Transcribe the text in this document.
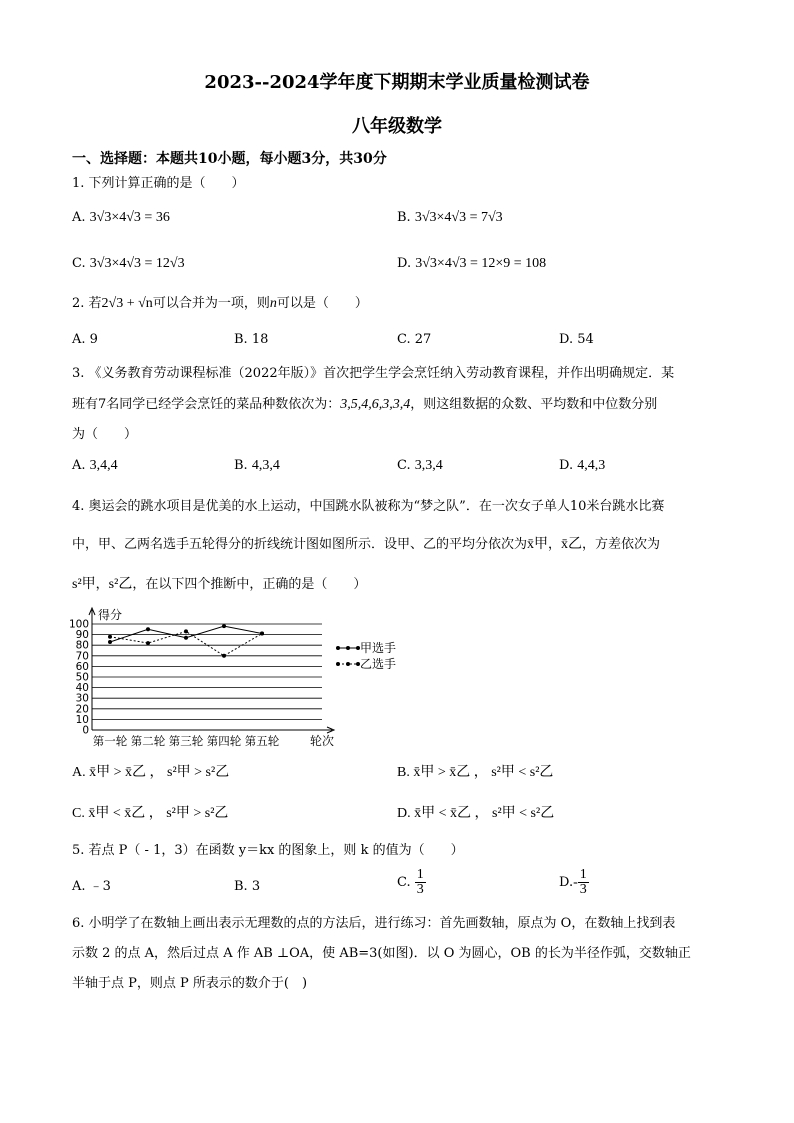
2023--2024学年度下期期末学业质量检测试卷
八年级数学
一、选择题：本题共10小题，每小题3分，共30分
1. 下列计算正确的是（　　）
A. 3√3×4√3 = 36	B. 3√3×4√3 = 7√3
C. 3√3×4√3 = 12√3	D. 3√3×4√3 = 12×9 = 108
2. 若2√3 + √n可以合并为一项，则n可以是（　　）
A. 9	B. 18	C. 27	D. 54
3. 《义务教育劳动课程标准（2022年版）》首次把学生学会烹饪纳入劳动教育课程，并作出明确规定．某
班有7名同学已经学会烹饪的菜品种数依次为：3,5,4,6,3,3,4，则这组数据的众数、平均数和中位数分别
为（　　）
A. 3,4,4	B. 4,3,4	C. 3,3,4	D. 4,4,3
4. 奥运会的跳水项目是优美的水上运动，中国跳水队被称为“梦之队”．在一次女子单人10米台跳水比赛
中，甲、乙两名选手五轮得分的折线统计图如图所示．设甲、乙的平均分依次为x̄甲，x̄乙，方差依次为
s²甲，s²乙，在以下四个推断中，正确的是（　　）
0
10
20
30
40
50
60
70
80
90
100
第一轮 第二轮 第三轮 第四轮 第五轮
得分
轮次
甲选手
乙选手
A. x̄甲 > x̄乙 ， s²甲 > s²乙	B. x̄甲 > x̄乙 ， s²甲 < s²乙
C. x̄甲 < x̄乙 ， s²甲 > s²乙	D. x̄甲 < x̄乙 ， s²甲 < s²乙
5. 若点 P（ - 1，3）在函数 y＝kx 的图象上，则 k 的值为（　　）
A. ﹣3	B. 3	C. $\frac{1}{3}$	$D.- \frac{1}{3}$
6. 小明学了在数轴上画出表示无理数的点的方法后，进行练习：首先画数轴，原点为 O，在数轴上找到表
示数 2 的点 A，然后过点 A 作 AB ⊥OA，使 AB=3(如图)．以 O 为圆心，OB 的长为半径作弧，交数轴正
半轴于点 P，则点 P 所表示的数介于(　)
